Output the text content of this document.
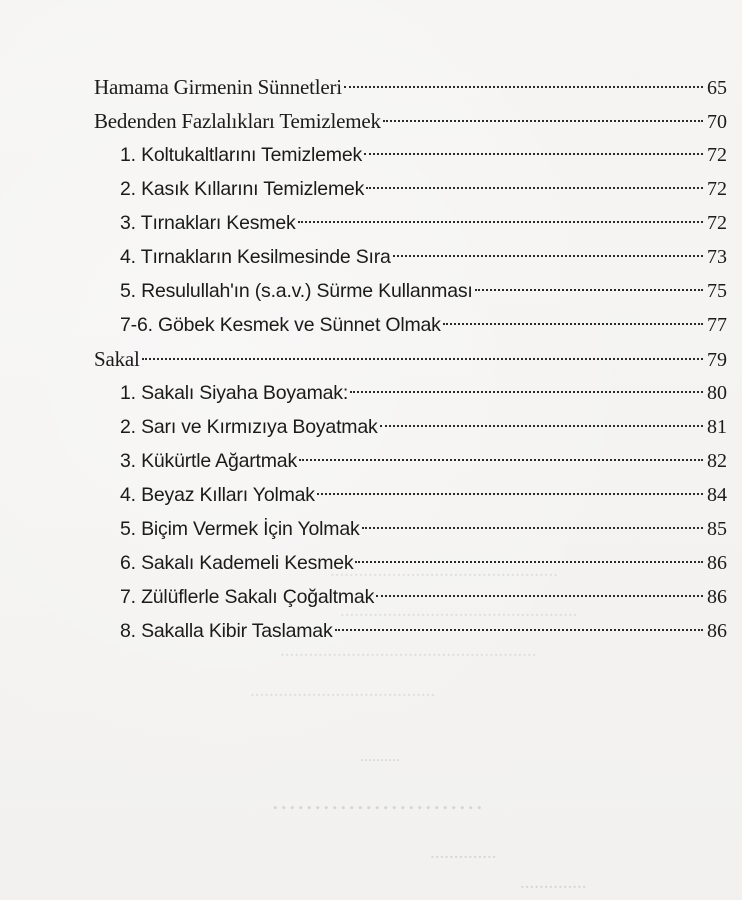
................................................
..................................................
......................................................
.......................................
..........
.........................
..............
..............
Hamama Girmenin Sünnetleri	65
Bedenden Fazlalıkları Temizlemek	70
1. Koltukaltlarını Temizlemek	72
2. Kasık Kıllarını Temizlemek	72
3. Tırnakları Kesmek	72
4. Tırnakların Kesilmesinde Sıra	73
5. Resulullah'ın (s.a.v.) Sürme Kullanması	75
7-6. Göbek Kesmek ve Sünnet Olmak	77
Sakal	79
1. Sakalı Siyaha Boyamak:	80
2. Sarı ve Kırmızıya Boyatmak	81
3. Kükürtle Ağartmak	82
4. Beyaz Kılları Yolmak	84
5. Biçim Vermek İçin Yolmak	85
6. Sakalı Kademeli Kesmek	86
7. Zülüflerle Sakalı Çoğaltmak	86
8. Sakalla Kibir Taslamak	86
